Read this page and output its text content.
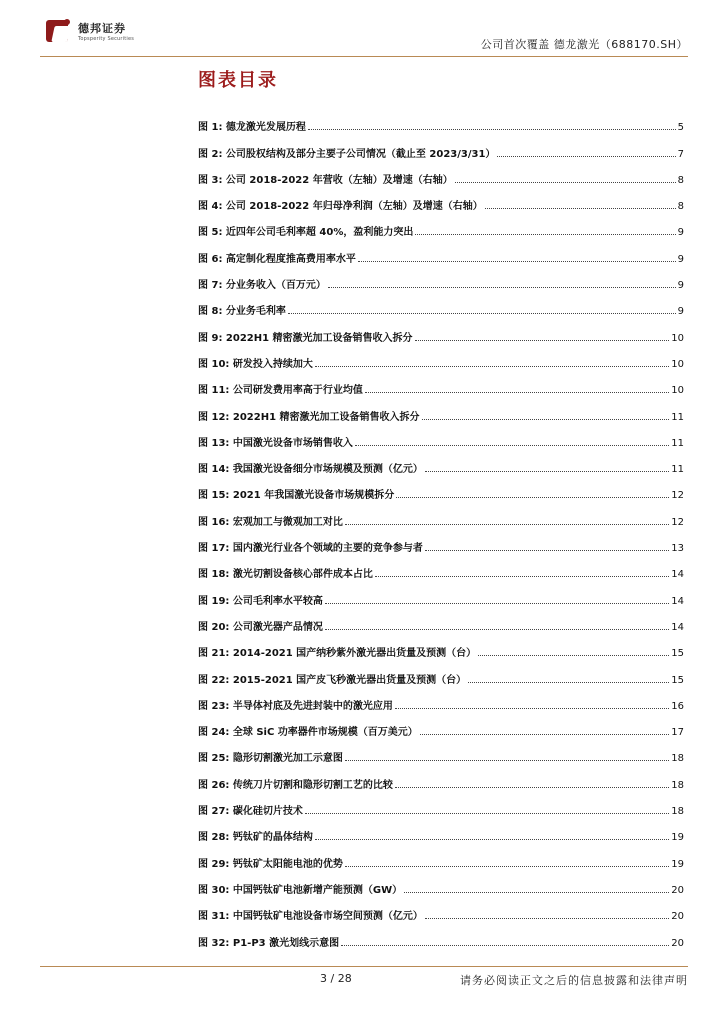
德邦证券
Topsperity Securities	公司首次覆盖 德龙激光（688170.SH）
图表目录
图 1: 德龙激光发展历程	5
图 2: 公司股权结构及部分主要子公司情况（截止至 2023/3/31）	7
图 3: 公司 2018-2022 年营收（左轴）及增速（右轴）	8
图 4: 公司 2018-2022 年归母净利润（左轴）及增速（右轴）	8
图 5: 近四年公司毛利率超 40%，盈利能力突出	9
图 6: 高定制化程度推高费用率水平	9
图 7: 分业务收入（百万元）	9
图 8: 分业务毛利率	9
图 9: 2022H1 精密激光加工设备销售收入拆分	10
图 10: 研发投入持续加大	10
图 11: 公司研发费用率高于行业均值	10
图 12: 2022H1 精密激光加工设备销售收入拆分	11
图 13: 中国激光设备市场销售收入	11
图 14: 我国激光设备细分市场规模及预测（亿元）	11
图 15: 2021 年我国激光设备市场规模拆分	12
图 16: 宏观加工与微观加工对比	12
图 17: 国内激光行业各个领域的主要的竞争参与者	13
图 18: 激光切割设备核心部件成本占比	14
图 19: 公司毛利率水平较高	14
图 20: 公司激光器产品情况	14
图 21: 2014-2021 国产纳秒紫外激光器出货量及预测（台）	15
图 22: 2015-2021 国产皮飞秒激光器出货量及预测（台）	15
图 23: 半导体衬底及先进封装中的激光应用	16
图 24: 全球 SiC 功率器件市场规模（百万美元）	17
图 25: 隐形切割激光加工示意图	18
图 26: 传统刀片切割和隐形切割工艺的比较	18
图 27: 碳化硅切片技术	18
图 28: 钙钛矿的晶体结构	19
图 29: 钙钛矿太阳能电池的优势	19
图 30: 中国钙钛矿电池新增产能预测（GW）	20
图 31: 中国钙钛矿电池设备市场空间预测（亿元）	20
图 32: P1-P3 激光划线示意图	20
3 / 28	请务必阅读正文之后的信息披露和法律声明
